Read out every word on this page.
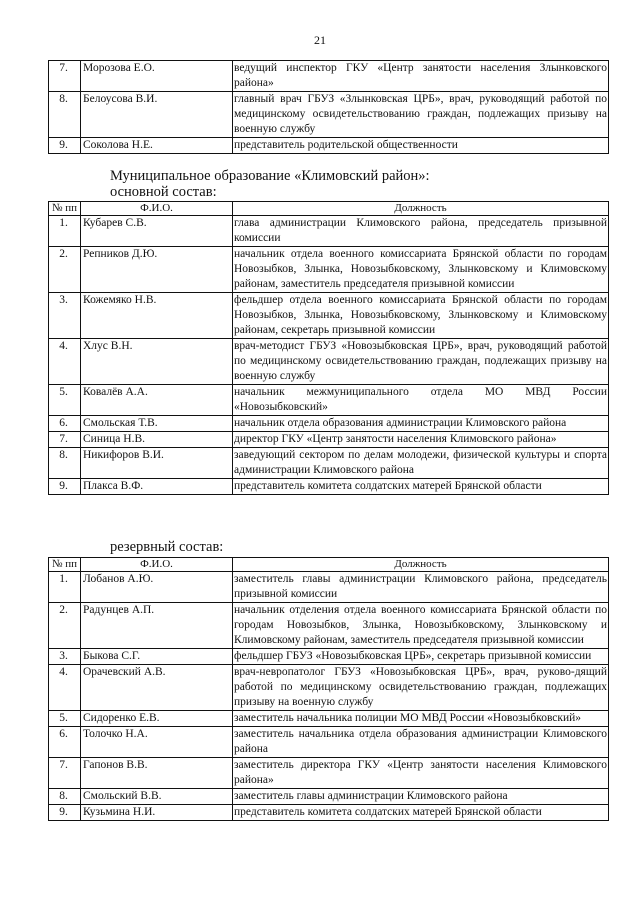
21
7.	Морозова Е.О.	ведущий инспектор ГКУ «Центр занятости населения Злынковского района»
8.	Белоусова В.И.	главный врач ГБУЗ «Злынковская ЦРБ», врач, руководящий работой по медицинскому освидетельствованию граждан, подлежащих призыву на военную службу
9.	Соколова Н.Е.	представитель родительской общественности
Муниципальное образование «Климовский район»:
основной состав:
№ пп	Ф.И.О.	Должность
1.	Кубарев С.В.	глава администрации Климовского района, председатель призывной комиссии
2.	Репников Д.Ю.	начальник отдела военного комиссариата Брянской области по городам Новозыбков, Злынка, Новозыбковскому, Злынковскому и Климовскому районам, заместитель председателя призывной комиссии
3.	Кожемяко Н.В.	фельдшер отдела военного комиссариата Брянской области по городам Новозыбков, Злынка, Новозыбковскому, Злынковскому и Климовскому районам, секретарь призывной комиссии
4.	Хлус В.Н.	врач-методист ГБУЗ «Новозыбковская ЦРБ», врач, руководящий работой по медицинскому освидетельствованию граждан, подлежащих призыву на военную службу
5.	Ковалёв А.А.	начальник межмуниципального отдела МО МВД России «Новозыбковский»
6.	Смольская Т.В.	начальник отдела образования администрации Климовского района
7.	Синица Н.В.	директор ГКУ «Центр занятости населения Климовского района»
8.	Никифоров В.И.	заведующий сектором по делам молодежи, физической культуры и спорта администрации Климовского района
9.	Плакса В.Ф.	представитель комитета солдатских матерей Брянской области
резервный состав:
№ пп	Ф.И.О.	Должность
1.	Лобанов А.Ю.	заместитель главы администрации Климовского района, председатель призывной комиссии
2.	Радунцев А.П.	начальник отделения отдела военного комиссариата Брянской области по городам Новозыбков, Злынка, Новозыбковскому, Злынковскому и Климовскому районам, заместитель председателя призывной комиссии
3.	Быкова С.Г.	фельдшер ГБУЗ «Новозыбковская ЦРБ», секретарь призывной комиссии
4.	Орачевский А.В.	врач-невропатолог ГБУЗ «Новозыбковская ЦРБ», врач, руково-дящий работой по медицинскому освидетельствованию граждан, подлежащих призыву на военную службу
5.	Сидоренко Е.В.	заместитель начальника полиции МО МВД России «Новозыбковский»
6.	Толочко Н.А.	заместитель начальника отдела образования администрации Климовского района
7.	Гапонов В.В.	заместитель директора ГКУ «Центр занятости населения Климовского района»
8.	Смольский В.В.	заместитель главы администрации Климовского района
9.	Кузьмина Н.И.	представитель комитета солдатских матерей Брянской области
